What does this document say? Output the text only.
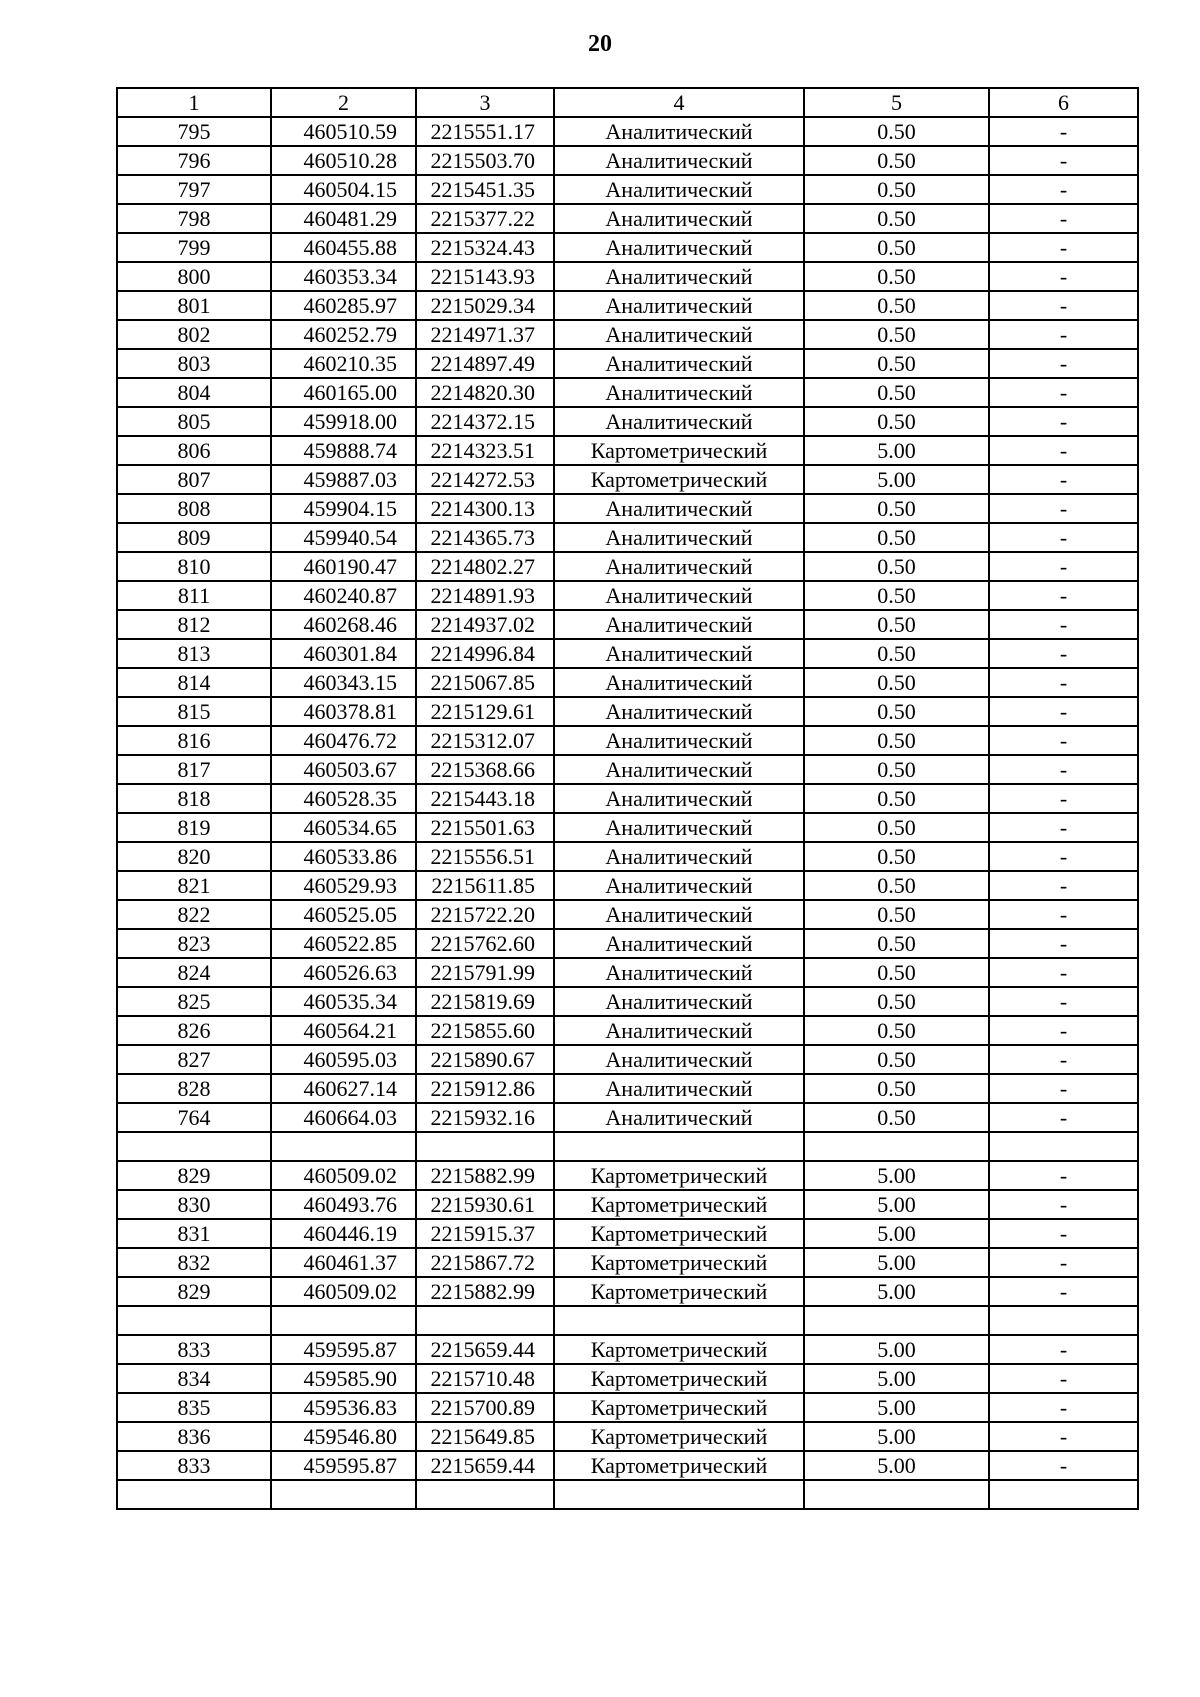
20
1	2	3	4	5	6
795	460510.59	2215551.17	Аналитический	0.50	-
796	460510.28	2215503.70	Аналитический	0.50	-
797	460504.15	2215451.35	Аналитический	0.50	-
798	460481.29	2215377.22	Аналитический	0.50	-
799	460455.88	2215324.43	Аналитический	0.50	-
800	460353.34	2215143.93	Аналитический	0.50	-
801	460285.97	2215029.34	Аналитический	0.50	-
802	460252.79	2214971.37	Аналитический	0.50	-
803	460210.35	2214897.49	Аналитический	0.50	-
804	460165.00	2214820.30	Аналитический	0.50	-
805	459918.00	2214372.15	Аналитический	0.50	-
806	459888.74	2214323.51	Картометрический	5.00	-
807	459887.03	2214272.53	Картометрический	5.00	-
808	459904.15	2214300.13	Аналитический	0.50	-
809	459940.54	2214365.73	Аналитический	0.50	-
810	460190.47	2214802.27	Аналитический	0.50	-
811	460240.87	2214891.93	Аналитический	0.50	-
812	460268.46	2214937.02	Аналитический	0.50	-
813	460301.84	2214996.84	Аналитический	0.50	-
814	460343.15	2215067.85	Аналитический	0.50	-
815	460378.81	2215129.61	Аналитический	0.50	-
816	460476.72	2215312.07	Аналитический	0.50	-
817	460503.67	2215368.66	Аналитический	0.50	-
818	460528.35	2215443.18	Аналитический	0.50	-
819	460534.65	2215501.63	Аналитический	0.50	-
820	460533.86	2215556.51	Аналитический	0.50	-
821	460529.93	2215611.85	Аналитический	0.50	-
822	460525.05	2215722.20	Аналитический	0.50	-
823	460522.85	2215762.60	Аналитический	0.50	-
824	460526.63	2215791.99	Аналитический	0.50	-
825	460535.34	2215819.69	Аналитический	0.50	-
826	460564.21	2215855.60	Аналитический	0.50	-
827	460595.03	2215890.67	Аналитический	0.50	-
828	460627.14	2215912.86	Аналитический	0.50	-
764	460664.03	2215932.16	Аналитический	0.50	-

829	460509.02	2215882.99	Картометрический	5.00	-
830	460493.76	2215930.61	Картометрический	5.00	-
831	460446.19	2215915.37	Картометрический	5.00	-
832	460461.37	2215867.72	Картометрический	5.00	-
829	460509.02	2215882.99	Картометрический	5.00	-

833	459595.87	2215659.44	Картометрический	5.00	-
834	459585.90	2215710.48	Картометрический	5.00	-
835	459536.83	2215700.89	Картометрический	5.00	-
836	459546.80	2215649.85	Картометрический	5.00	-
833	459595.87	2215659.44	Картометрический	5.00	-
